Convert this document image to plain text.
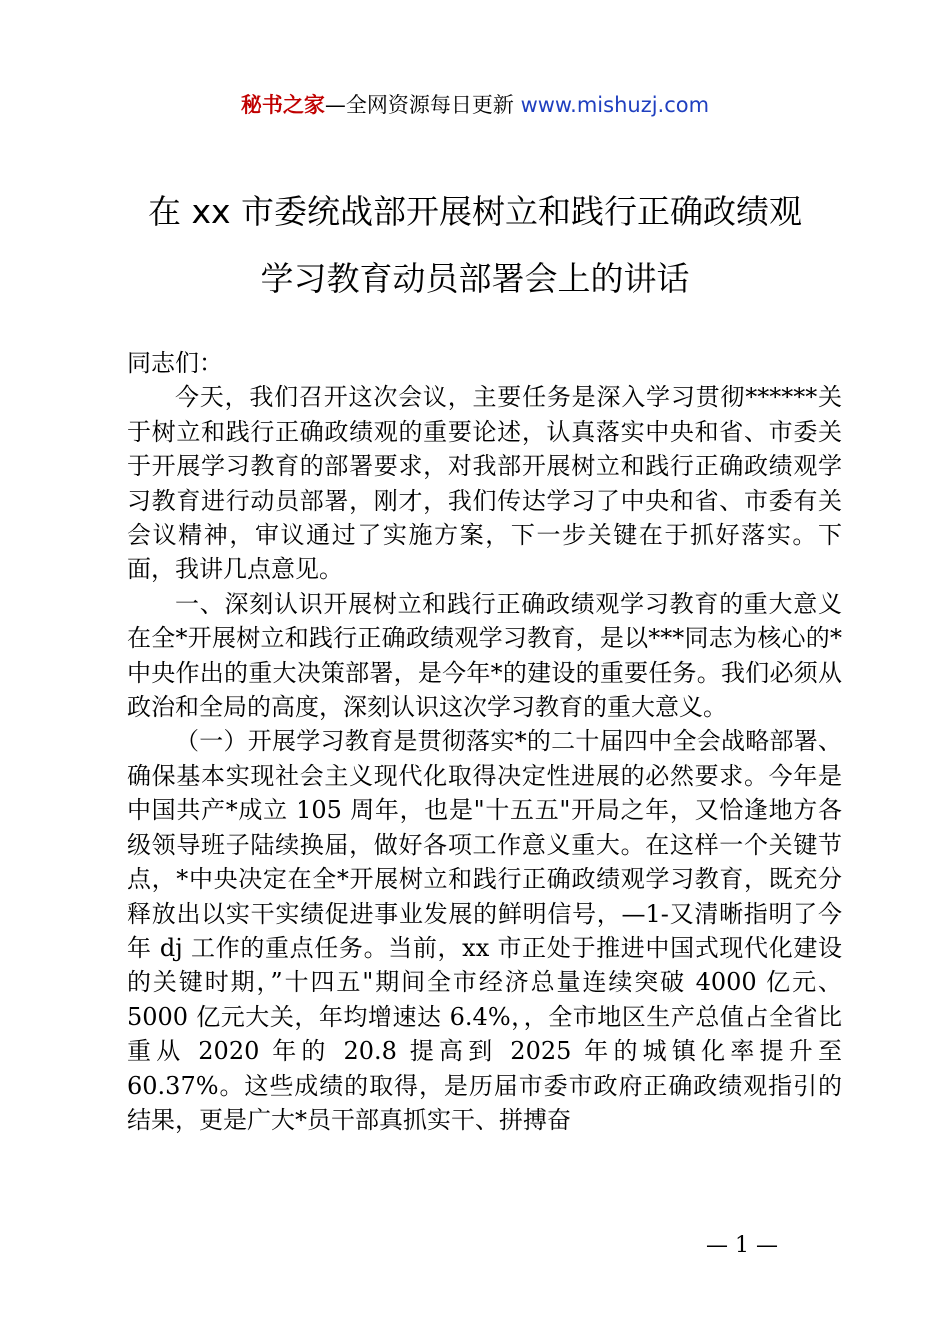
秘书之家—全网资源每日更新 www.mishuzj.com
在 xx 市委统战部开展树立和践行正确政绩观
学习教育动员部署会上的讲话

同志们：

今天，我们召开这次会议，主要任务是深入学习贯彻******关于树立和践行正确政绩观的重要论述，认真落实中央和省、市委关于开展学习教育的部署要求，对我部开展树立和践行正确政绩观学习教育进行动员部署，刚才，我们传达学习了中央和省、市委有关会议精神，审议通过了实施方案，下一步关键在于抓好落实。下面，我讲几点意见。

一、深刻认识开展树立和践行正确政绩观学习教育的重大意义在全*开展树立和践行正确政绩观学习教育，是以***同志为核心的*中央作出的重大决策部署，是今年*的建设的重要任务。我们必须从政治和全局的高度，深刻认识这次学习教育的重大意义。

（一）开展学习教育是贯彻落实*的二十届四中全会战略部署、确保基本实现社会主义现代化取得决定性进展的必然要求。今年是中国共产*成立 105 周年，也是"十五五"开局之年，又恰逢地方各级领导班子陆续换届，做好各项工作意义重大。在这样一个关键节点，*中央决定在全*开展树立和践行正确政绩观学习教育，既充分释放出以实干实绩促进事业发展的鲜明信号，—1-又清晰指明了今年 dj 工作的重点任务。当前，xx 市正处于推进中国式现代化建设的关键时期，”十四五"期间全市经济总量连续突破 4000 亿元、5000 亿元大关，年均增速达 6.4%，，全市地区生产总值占全省比重从 2020 年的 20.8 提高到 2025 年的城镇化率提升至 60.37%。这些成绩的取得，是历届市委市政府正确政绩观指引的结果，更是广大*员干部真抓实干、拼搏奋

— 1 —
